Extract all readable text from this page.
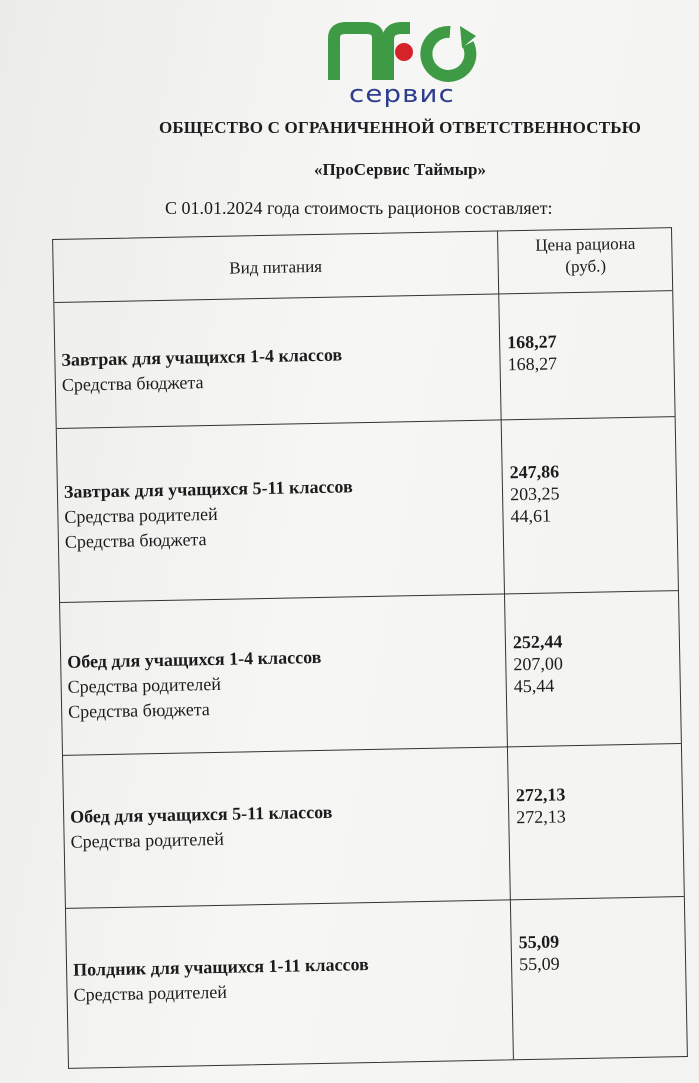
сервис
ОБЩЕСТВО С ОГРАНИЧЕННОЙ ОТВЕТСТВЕННОСТЬЮ
«ПроСервис Таймыр»
С 01.01.2024 года стоимость рационов составляет:
Вид питания
Цена рациона
(руб.)
Завтрак для учащихся 1-4 классов
Средства бюджета
168,27
168,27
Завтрак для учащихся 5-11 классов
Средства родителей
Средства бюджета
247,86
203,25
44,61
Обед для учащихся 1-4 классов
Средства родителей
Средства бюджета
252,44
207,00
45,44
Обед для учащихся 5-11 классов
Средства родителей
272,13
272,13
Полдник для учащихся 1-11 классов
Средства родителей
55,09
55,09
